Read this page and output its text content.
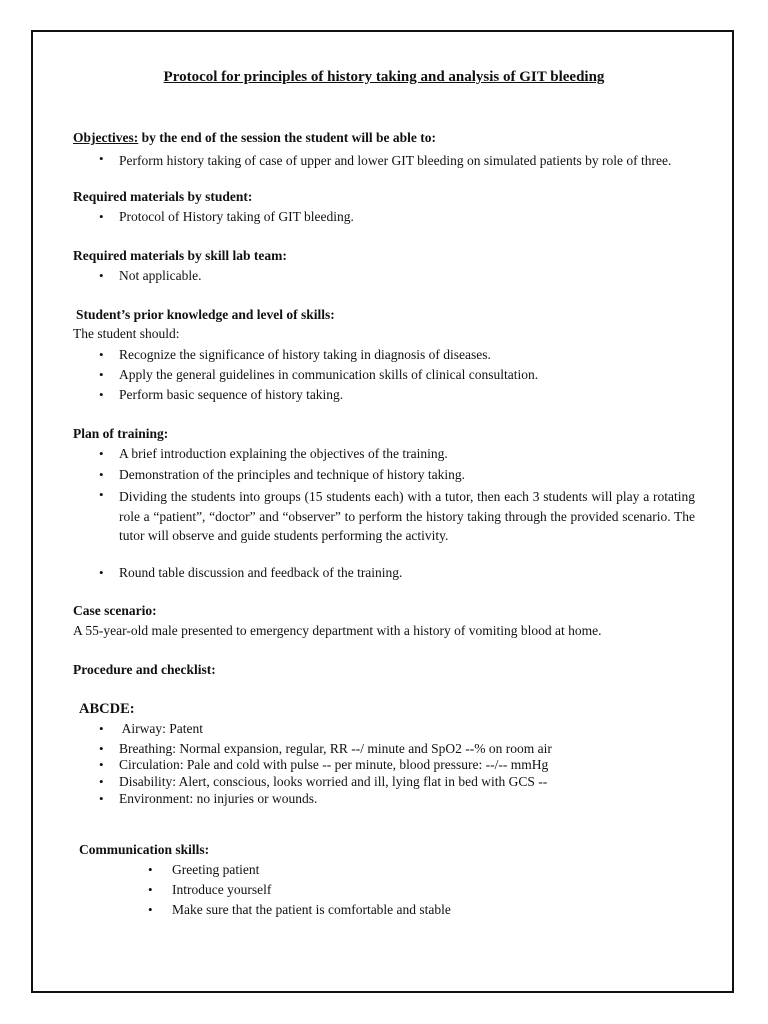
Protocol for principles of history taking and analysis of GIT bleeding
Objectives: by the end of the session the student will be able to:
• Perform history taking of case of upper and lower GIT bleeding on simulated patients by role of three.
Required materials by student:
• Protocol of History taking of GIT bleeding.
Required materials by skill lab team:
• Not applicable.
Student’s prior knowledge and level of skills:
The student should:
• Recognize the significance of history taking in diagnosis of diseases.
• Apply the general guidelines in communication skills of clinical consultation.
• Perform basic sequence of history taking.
Plan of training:
• A brief introduction explaining the objectives of the training.
• Demonstration of the principles and technique of history taking.
• Dividing the students into groups (15 students each) with a tutor, then each 3 students will play a rotating role a “patient”, “doctor” and “observer” to perform the history taking through the provided scenario. The tutor will observe and guide students performing the activity.
• Round table discussion and feedback of the training.
Case scenario:
A 55-year-old male presented to emergency department with a history of vomiting blood at home.
Procedure and checklist:
ABCDE:
• Airway: Patent
• Breathing: Normal expansion, regular, RR --/ minute and SpO2 --% on room air
• Circulation: Pale and cold with pulse -- per minute, blood pressure: --/-- mmHg
• Disability: Alert, conscious, looks worried and ill, lying flat in bed with GCS --
• Environment: no injuries or wounds.
Communication skills:
• Greeting patient
• Introduce yourself
• Make sure that the patient is comfortable and stable
